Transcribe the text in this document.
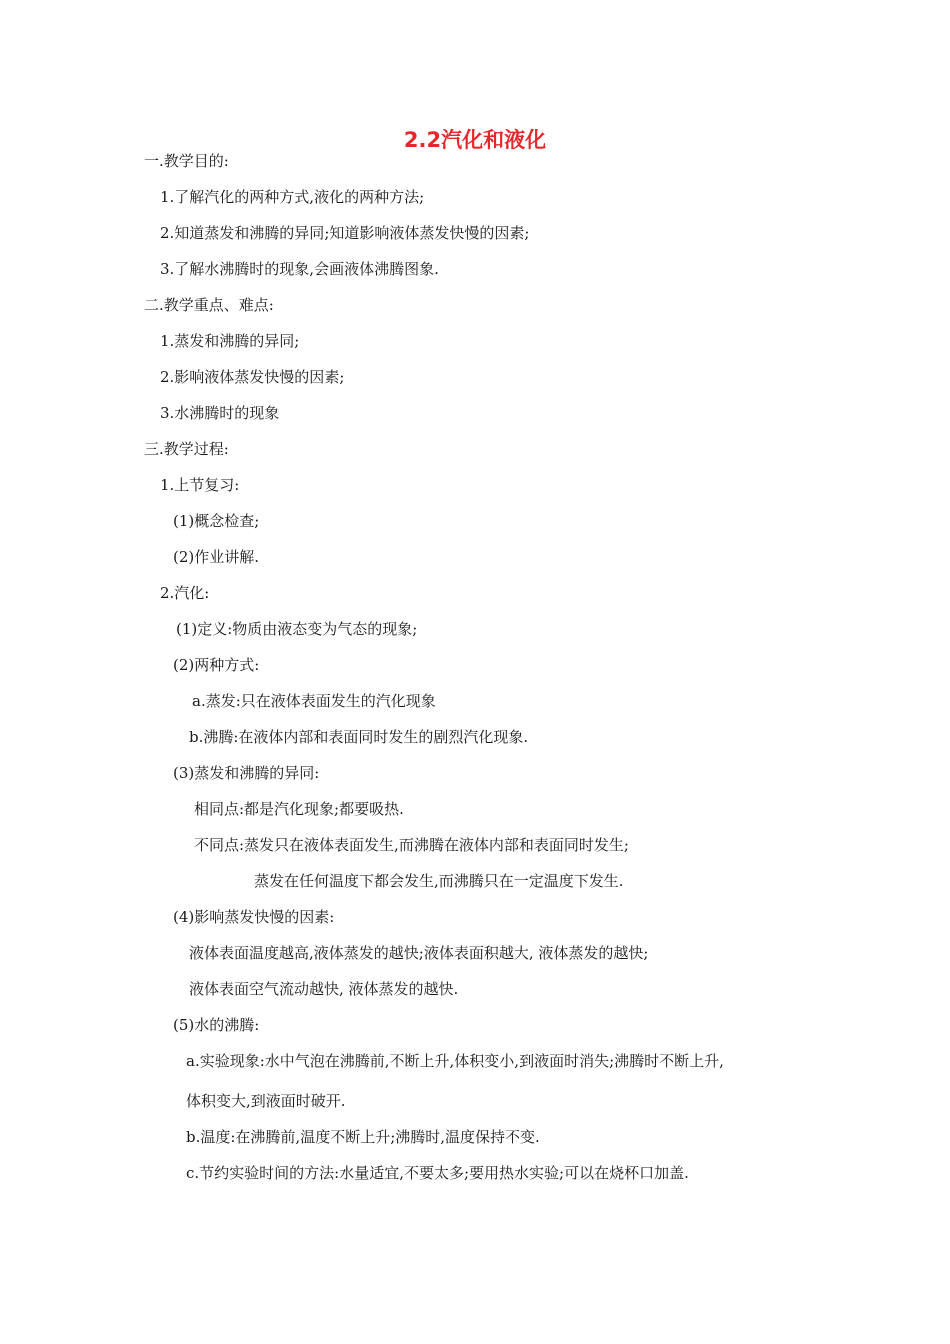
2.2汽化和液化
一.教学目的:
1.了解汽化的两种方式,液化的两种方法;
2.知道蒸发和沸腾的异同;知道影响液体蒸发快慢的因素;
3.了解水沸腾时的现象,会画液体沸腾图象.
二.教学重点、难点:
1.蒸发和沸腾的异同;
2.影响液体蒸发快慢的因素;
3.水沸腾时的现象
三.教学过程:
1.上节复习:
(1)概念检查;
(2)作业讲解.
2.汽化:
(1)定义:物质由液态变为气态的现象;
(2)两种方式:
a.蒸发:只在液体表面发生的汽化现象
b.沸腾:在液体内部和表面同时发生的剧烈汽化现象.
(3)蒸发和沸腾的异同:
相同点:都是汽化现象;都要吸热.
不同点:蒸发只在液体表面发生,而沸腾在液体内部和表面同时发生;
蒸发在任何温度下都会发生,而沸腾只在一定温度下发生.
(4)影响蒸发快慢的因素:
液体表面温度越高,液体蒸发的越快;液体表面积越大, 液体蒸发的越快;
液体表面空气流动越快, 液体蒸发的越快.
(5)水的沸腾:
a.实验现象:水中气泡在沸腾前,不断上升,体积变小,到液面时消失;沸腾时不断上升,
体积变大,到液面时破开.
b.温度:在沸腾前,温度不断上升;沸腾时,温度保持不变.
c.节约实验时间的方法:水量适宜,不要太多;要用热水实验;可以在烧杯口加盖.
